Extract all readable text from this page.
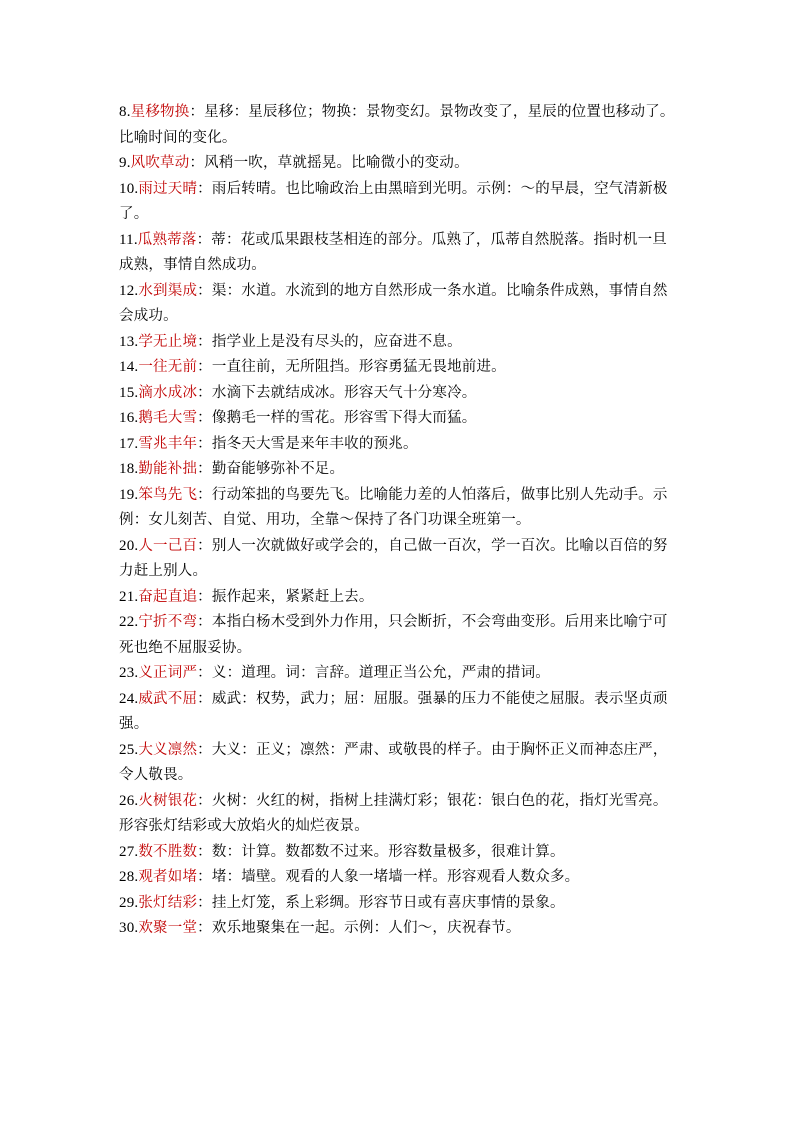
8.星移物换：星移：星辰移位；物换：景物变幻。景物改变了，星辰的位置也移动了。比喻时间的变化。

9.风吹草动：风稍一吹，草就摇晃。比喻微小的变动。

10.雨过天晴：雨后转晴。也比喻政治上由黑暗到光明。示例：～的早晨，空气清新极了。

11.瓜熟蒂落：蒂：花或瓜果跟枝茎相连的部分。瓜熟了，瓜蒂自然脱落。指时机一旦成熟，事情自然成功。

12.水到渠成：渠：水道。水流到的地方自然形成一条水道。比喻条件成熟，事情自然会成功。

13.学无止境：指学业上是没有尽头的，应奋进不息。

14.一往无前：一直往前，无所阻挡。形容勇猛无畏地前进。

15.滴水成冰：水滴下去就结成冰。形容天气十分寒冷。

16.鹅毛大雪：像鹅毛一样的雪花。形容雪下得大而猛。

17.雪兆丰年：指冬天大雪是来年丰收的预兆。

18.勤能补拙：勤奋能够弥补不足。

19.笨鸟先飞：行动笨拙的鸟要先飞。比喻能力差的人怕落后，做事比别人先动手。示例：女儿刻苦、自觉、用功，全靠～保持了各门功课全班第一。

20.人一己百：别人一次就做好或学会的，自己做一百次，学一百次。比喻以百倍的努力赶上别人。

21.奋起直追：振作起来，紧紧赶上去。

22.宁折不弯：本指白杨木受到外力作用，只会断折，不会弯曲变形。后用来比喻宁可死也绝不屈服妥协。

23.义正词严：义：道理。词：言辞。道理正当公允，严肃的措词。

24.威武不屈：威武：权势，武力；屈：屈服。强暴的压力不能使之屈服。表示坚贞顽强。

25.大义凛然：大义：正义；凛然：严肃、或敬畏的样子。由于胸怀正义而神态庄严，令人敬畏。

26.火树银花：火树：火红的树，指树上挂满灯彩；银花：银白色的花，指灯光雪亮。形容张灯结彩或大放焰火的灿烂夜景。

27.数不胜数：数：计算。数都数不过来。形容数量极多，很难计算。

28.观者如堵：堵：墙壁。观看的人象一堵墙一样。形容观看人数众多。

29.张灯结彩：挂上灯笼，系上彩绸。形容节日或有喜庆事情的景象。

30.欢聚一堂：欢乐地聚集在一起。示例：人们～，庆祝春节。
